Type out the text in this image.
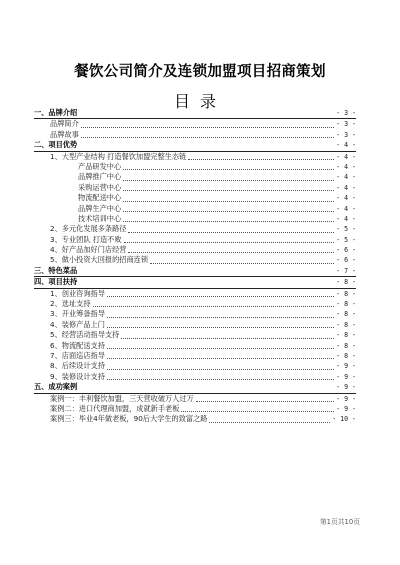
餐饮公司简介及连锁加盟项目招商策划
目录
一、品牌介绍	- 3 -
品牌简介	- 3 -
品牌故事	- 3 -
二、项目优势	- 4 -
1、大型产业结构 打造餐饮加盟完整生态链	- 4 -
产品研发中心	- 4 -
品牌推广中心	- 4 -
采购运营中心	- 4 -
物流配送中心	- 4 -
品牌生产中心	- 4 -
技术培训中心	- 4 -
2、多元化发展多条路径	- 5 -
3、专业团队 打造不败	- 5 -
4、好产品加好门店经营	- 6 -
5、做小投资大回报的招商连锁	- 6 -
三、特色菜品	- 7 -
四、项目扶持	- 8 -
1、创业咨询指导	- 8 -
2、选址支持	- 8 -
3、开业筹备指导	- 8 -
4、装修产品上门	- 8 -
5、经营活动指导支持	- 8 -
6、物流配送支持	- 8 -
7、店面巡店指导	- 8 -
8、后续设计支持	- 9 -
9、装修设计支持	- 9 -
五、成功案例	- 9 -
案例一：丰利餐饮加盟，三天营收破万人过万	- 9 -
案例二：进口代理商加盟，成就新手老板	- 9 -
案例三：毕业4年做老板，90后大学生的致富之路	- 10 -
第1页共10页
